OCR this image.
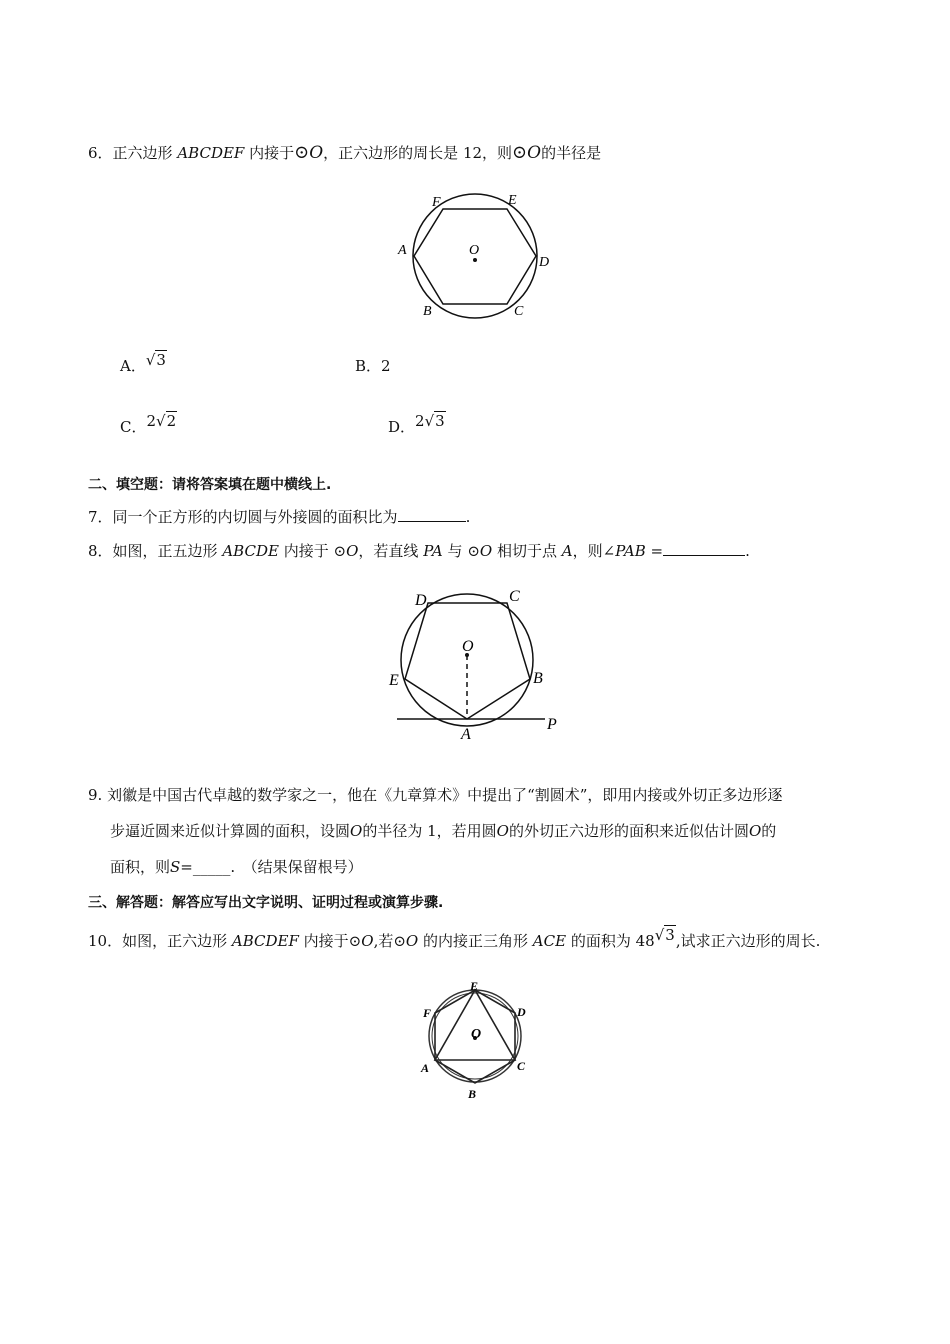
6．正六边形 ABCDEF 内接于⊙O，正六边形的周长是 12，则⊙O的半径是
F	E
A
D
O
B	C
A．√3	B．2
C．2√2	D．2√3
二、填空题：请将答案填在题中横线上.
7．同一个正方形的内切圆与外接圆的面积比为	.
8．如图，正五边形 ABCDE 内接于 ⊙O，若直线 PA 与 ⊙O 相切于点 A，则∠PAB =	.
D	C
O
E	B
A
P
9. 刘徽是中国古代卓越的数学家之一，他在《九章算术》中提出了“割圆术”，即用内接或外切正多边形逐
步逼近圆来近似计算圆的面积，设圆O的半径为 1，若用圆O的外切正六边形的面积来近似估计圆O的
面积，则S=_____.　（结果保留根号）
三、解答题：解答应写出文字说明、证明过程或演算步骤.
10．如图，正六边形 ABCDEF 内接于⊙O,若⊙O 的内接正三角形 ACE 的面积为 48√3,试求正六边形的周长.
E
F	D
O
A	C
B
